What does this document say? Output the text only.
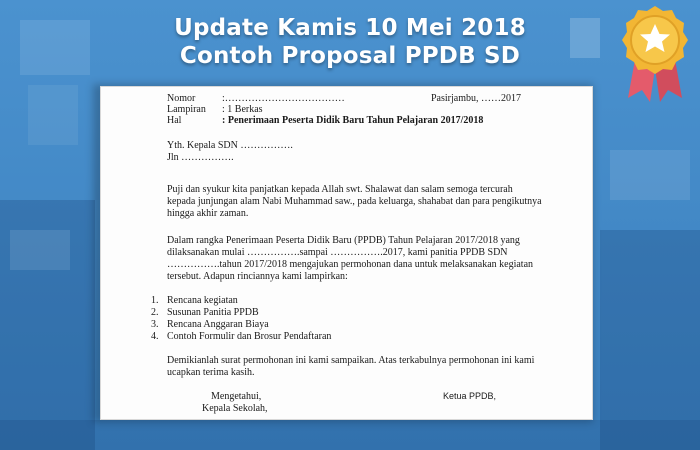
Update Kamis 10 Mei 2018
Contoh Proposal PPDB SD
Nomor	:………………………………	Pasirjambu, ……2017
Lampiran : 1 Berkas
Hal	: Penerimaan Peserta Didik Baru Tahun Pelajaran 2017/2018
Yth. Kepala SDN …………….
Jln …………….
Puji dan syukur kita panjatkan kepada Allah swt. Shalawat dan salam semoga tercurah
kepada junjungan alam Nabi Muhammad saw., pada keluarga, shahabat dan para pengikutnya
hingga akhir zaman.
Dalam rangka Penerimaan Peserta Didik Baru (PPDB) Tahun Pelajaran 2017/2018 yang
dilaksanakan mulai …………….sampai …………….2017, kami panitia PPDB SDN
…………….tahun 2017/2018 mengajukan permohonan dana untuk melaksanakan kegiatan
tersebut. Adapun rinciannya kami lampirkan:
1. Rencana kegiatan
2. Susunan Panitia PPDB
3. Rencana Anggaran Biaya
4. Contoh Formulir dan Brosur Pendaftaran
Demikianlah surat permohonan ini kami sampaikan. Atas terkabulnya permohonan ini kami
ucapkan terima kasih.
Mengetahui,
Kepala Sekolah,
Ketua PPDB,
